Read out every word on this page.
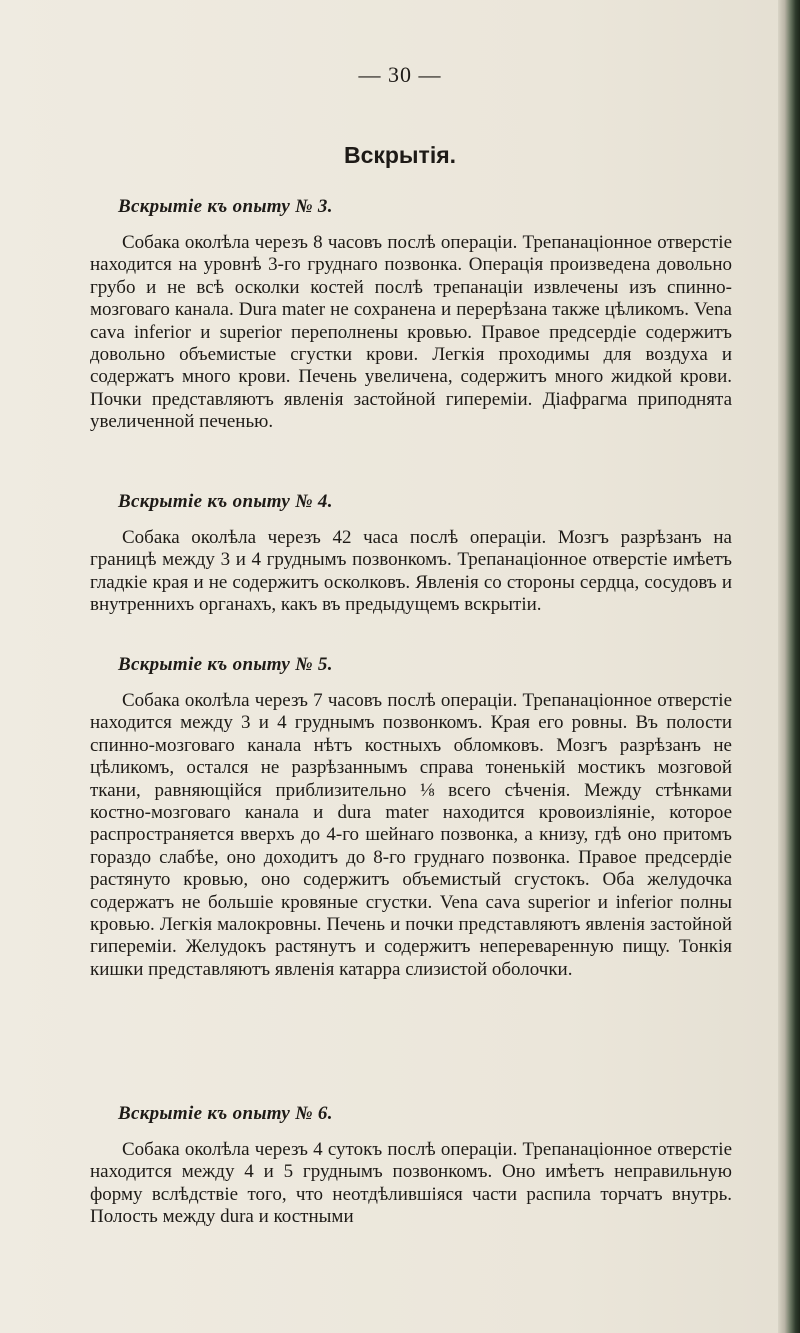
— 30 —
Вскрытія.

Вскрытіе къ опыту № 3.

Собака околѣла черезъ 8 часовъ послѣ операціи. Трепанаціонное отверстіе находится на уровнѣ 3-го груднаго позвонка. Операція произведена довольно грубо и не всѣ осколки костей послѣ трепанаціи извлечены изъ спинно-мозговаго канала. Dura mater не сохранена и перерѣзана также цѣликомъ. Vena cava inferior и superior переполнены кровью. Правое предсердіе содержитъ довольно объемистые сгустки крови. Легкія проходимы для воздуха и содержатъ много крови. Печень увеличена, содержитъ много жидкой крови. Почки представляютъ явленія застойной гипереміи. Діафрагма приподнята увеличенной печенью.

Вскрытіе къ опыту № 4.

Собака околѣла черезъ 42 часа послѣ операціи. Мозгъ разрѣзанъ на границѣ между 3 и 4 груднымъ позвонкомъ. Трепанаціонное отверстіе имѣетъ гладкіе края и не содержитъ осколковъ. Явленія со стороны сердца, сосудовъ и внутреннихъ органахъ, какъ въ предыдущемъ вскрытіи.

Вскрытіе къ опыту № 5.

Собака околѣла черезъ 7 часовъ послѣ операціи. Трепанаціонное отверстіе находится между 3 и 4 груднымъ позвонкомъ. Края его ровны. Въ полости спинно-мозговаго канала нѣтъ костныхъ обломковъ. Мозгъ разрѣзанъ не цѣликомъ, остался не разрѣзаннымъ справа тоненькій мостикъ мозговой ткани, равняющійся приблизительно ⅛ всего сѣченія. Между стѣнками костно-мозговаго канала и dura mater находится кровоизліяніе, которое распространяется вверхъ до 4-го шейнаго позвонка, а книзу, гдѣ оно притомъ гораздо слабѣе, оно доходитъ до 8-го груднаго позвонка. Правое предсердіе растянуто кровью, оно содержитъ объемистый сгустокъ. Оба желудочка содержатъ не большіе кровяные сгустки. Vena cava superior и inferior полны кровью. Легкія малокровны. Печень и почки представляютъ явленія застойной гипереміи. Желудокъ растянутъ и содержитъ непереваренную пищу. Тонкія кишки представляютъ явленія катарра слизистой оболочки.

Вскрытіе къ опыту № 6.

Собака околѣла черезъ 4 сутокъ послѣ операціи. Трепанаціонное отверстіе находится между 4 и 5 груднымъ позвонкомъ. Оно имѣетъ неправильную форму вслѣдствіе того, что неотдѣлившіяся части распила торчатъ внутрь. Полость между dura и костными
